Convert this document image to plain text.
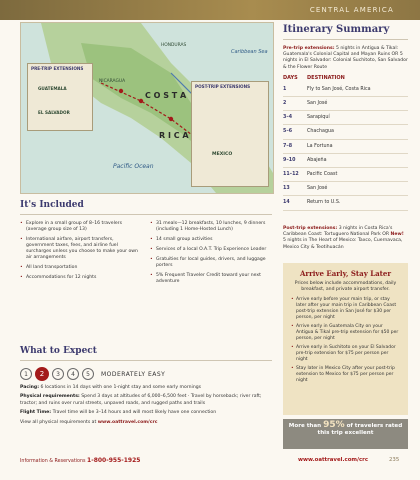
CENTRAL AMERICA
PRE-TRIP EXTENSIONS
GUATEMALA
EL SALVADOR
POST-TRIP EXTENSIONS
MEXICO
HONDURAS
NICARAGUA
Caribbean Sea
C O S T A
R I C A
Pacific Ocean
Itinerary Summary

Pre-trip extensions: 5 nights in Antigua & Tikal: Guatemala's Colonial Capital and Mayan Ruins OR 5 nights in El Salvador: Colonial Suchitoto, San Salvador & the Flower Route

DAYS	DESTINATION
1	Fly to San José, Costa Rica
2	San José
3–4	Sarapiquí
5–6	Chachagua
7–8	La Fortuna
9–10	Abajeña
11–12	Pacific Coast
13	San José
14	Return to U.S.

Post-trip extensions: 3 nights in Costa Rica's Caribbean Coast: Tortuguero National Park OR New! 5 nights in The Heart of Mexico: Taxco, Cuernavaca, Mexico City & Teotihuacán

It's Included
• Explore in a small group of 8–16 travelers (average group size of 13)
• International airfare, airport transfers, government taxes, fees, and airline fuel surcharges unless you choose to make your own air arrangements
• All land transportation
• Accommodations for 12 nights
• 31 meals—12 breakfasts, 10 lunches, 9 dinners (including 1 Home-Hosted Lunch)
• 14 small group activities
• Services of a local O.A.T. Trip Experience Leader
• Gratuities for local guides, drivers, and luggage porters
• 5% Frequent Traveler Credit toward your next adventure
What to Expect
1	2	3	4	5	MODERATELY EASY

Pacing: 6 locations in 14 days with one 1-night stay and some early mornings

Physical requirements: Spend 3 days at altitudes of 6,000–6,500 feet · Travel by horseback; river raft; tractor; and ruins over rural streets, unpaved roads, and rugged paths and trails

Flight Time: Travel time will be 3–14 hours and will most likely have one connection

View all physical requirements at www.oattravel.com/crc

Arrive Early, Stay Later

Prices below include accommodations, daily breakfast, and private airport transfer.

• Arrive early before your main trip, or stay later after your main trip in Caribbean Coast post-trip extension in San José for $30 per person, per night
• Arrive early in Guatemala City on your Antigua & Tikal pre-trip extension for $50 per person, per night
• Arrive early in Suchitoto on your El Salvador pre-trip extension for $75 per person per night
• Stay later in Mexico City after your post-trip extension to Mexico for $75 per person per night
More than 95% of travelers rated
this trip excellent
Information & Reservations 1-800-955-1925	www.oattravel.com/crc	235
